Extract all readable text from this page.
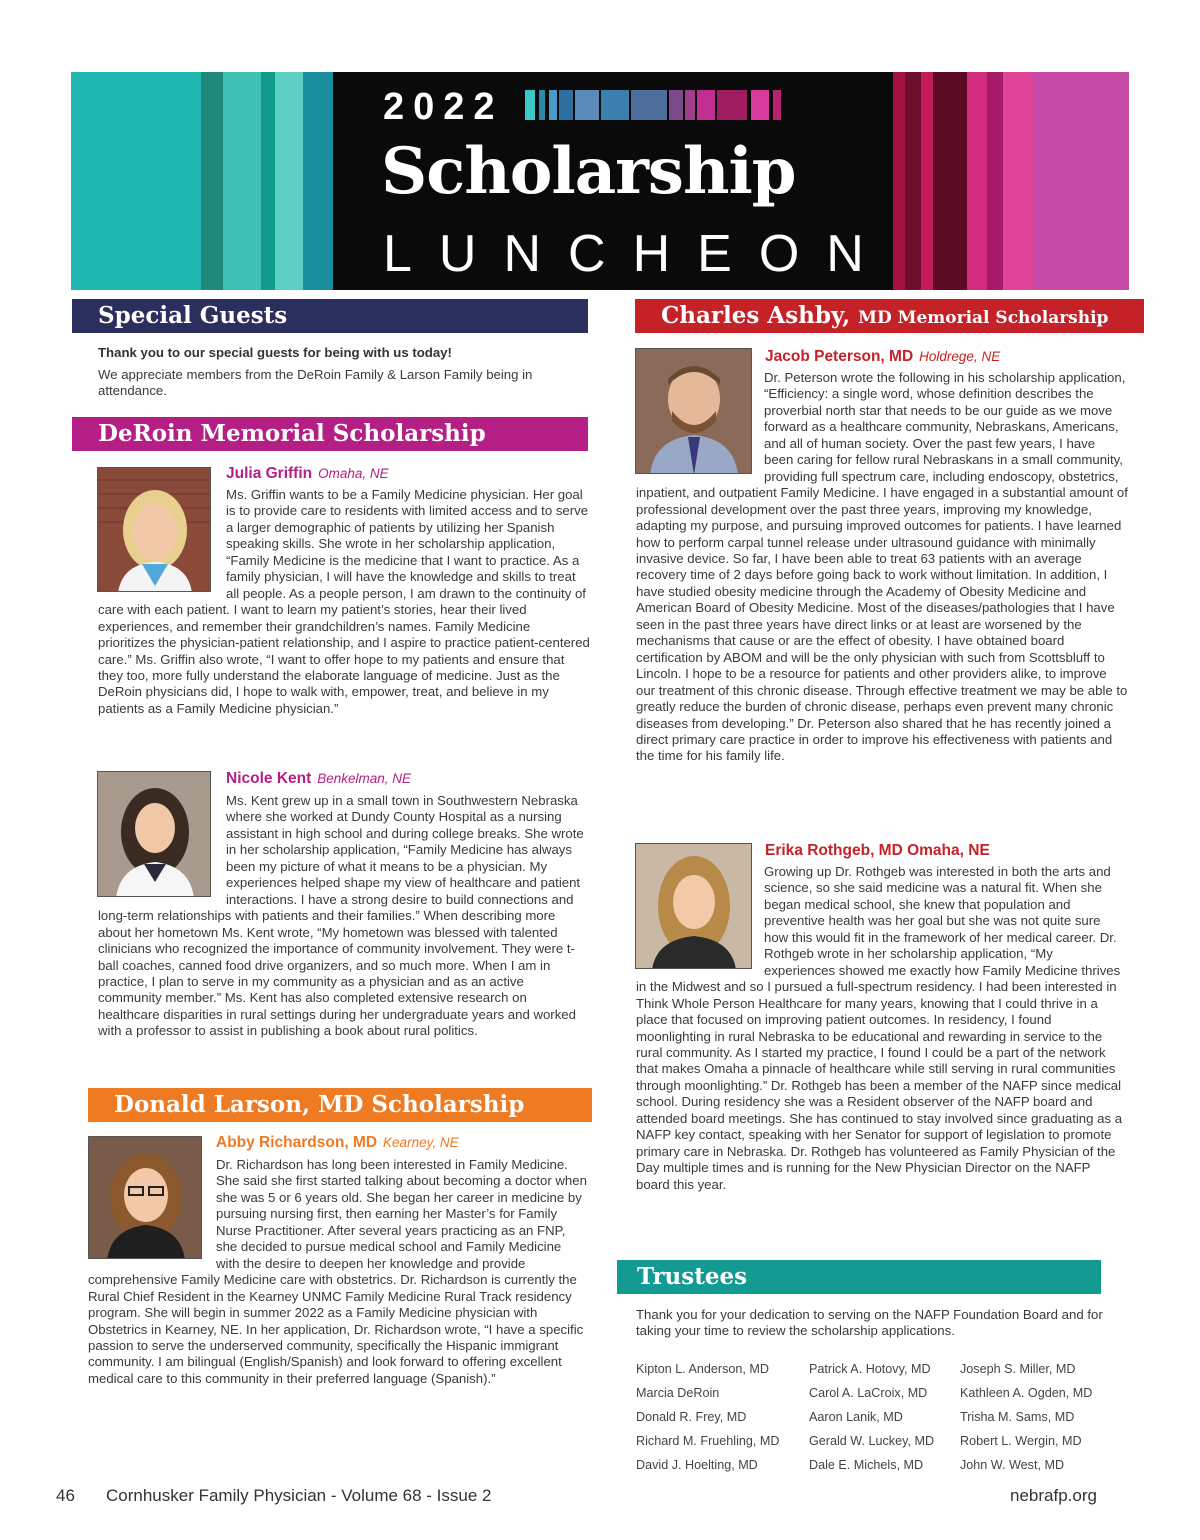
2022
Scholarship
LUNCHEON
Special Guests
Thank you to our special guests for being with us today!
We appreciate members from the DeRoin Family & Larson Family being in attendance.
DeRoin Memorial Scholarship
Julia Griffin Omaha, NE
Ms. Griffin wants to be a Family Medicine physician. Her goal is to provide care to residents with limited access and to serve a larger demographic of patients by utilizing her Spanish speaking skills. She wrote in her scholarship application, “Family Medicine is the medicine that I want to practice. As a family physician, I will have the knowledge and skills to treat all people. As a people person, I am drawn to the continuity of care with each patient. I want to learn my patient’s stories, hear their lived experiences, and remember their grandchildren’s names. Family Medicine prioritizes the physician-patient relationship, and I aspire to practice patient-centered care.” Ms. Griffin also wrote, “I want to offer hope to my patients and ensure that they too, more fully understand the elaborate language of medicine. Just as the DeRoin physicians did, I hope to walk with, empower, treat, and believe in my patients as a Family Medicine physician.”
Nicole Kent Benkelman, NE
Ms. Kent grew up in a small town in Southwestern Nebraska where she worked at Dundy County Hospital as a nursing assistant in high school and during college breaks. She wrote in her scholarship application, “Family Medicine has always been my picture of what it means to be a physician. My experiences helped shape my view of healthcare and patient interactions. I have a strong desire to build connections and long-term relationships with patients and their families.” When describing more about her hometown Ms. Kent wrote, “My hometown was blessed with talented clinicians who recognized the importance of community involvement. They were t-ball coaches, canned food drive organizers, and so much more. When I am in practice, I plan to serve in my community as a physician and as an active community member.” Ms. Kent has also completed extensive research on healthcare disparities in rural settings during her undergraduate years and worked with a professor to assist in publishing a book about rural politics.
Donald Larson, MD Scholarship
Abby Richardson, MD Kearney, NE
Dr. Richardson has long been interested in Family Medicine. She said she first started talking about becoming a doctor when she was 5 or 6 years old. She began her career in medicine by pursuing nursing first, then earning her Master’s for Family Nurse Practitioner. After several years practicing as an FNP, she decided to pursue medical school and Family Medicine with the desire to deepen her knowledge and provide comprehensive Family Medicine care with obstetrics. Dr. Richardson is currently the Rural Chief Resident in the Kearney UNMC Family Medicine Rural Track residency program. She will begin in summer 2022 as a Family Medicine physician with Obstetrics in Kearney, NE. In her application, Dr. Richardson wrote, “I have a specific passion to serve the underserved community, specifically the Hispanic immigrant community. I am bilingual (English/Spanish) and look forward to offering excellent medical care to this community in their preferred language (Spanish).”
Charles Ashby, MD Memorial Scholarship
Jacob Peterson, MD Holdrege, NE
Dr. Peterson wrote the following in his scholarship application, “Efficiency: a single word, whose definition describes the proverbial north star that needs to be our guide as we move forward as a healthcare community, Nebraskans, Americans, and all of human society. Over the past few years, I have been caring for fellow rural Nebraskans in a small community, providing full spectrum care, including endoscopy, obstetrics, inpatient, and outpatient Family Medicine. I have engaged in a substantial amount of professional development over the past three years, improving my knowledge, adapting my purpose, and pursuing improved outcomes for patients. I have learned how to perform carpal tunnel release under ultrasound guidance with minimally invasive device. So far, I have been able to treat 63 patients with an average recovery time of 2 days before going back to work without limitation. In addition, I have studied obesity medicine through the Academy of Obesity Medicine and American Board of Obesity Medicine. Most of the diseases/pathologies that I have seen in the past three years have direct links or at least are worsened by the mechanisms that cause or are the effect of obesity. I have obtained board certification by ABOM and will be the only physician with such from Scottsbluff to Lincoln. I hope to be a resource for patients and other providers alike, to improve our treatment of this chronic disease. Through effective treatment we may be able to greatly reduce the burden of chronic disease, perhaps even prevent many chronic diseases from developing.” Dr. Peterson also shared that he has recently joined a direct primary care practice in order to improve his effectiveness with patients and the time for his family life.
Erika Rothgeb, MD Omaha, NE
Growing up Dr. Rothgeb was interested in both the arts and science, so she said medicine was a natural fit. When she began medical school, she knew that population and preventive health was her goal but she was not quite sure how this would fit in the framework of her medical career. Dr. Rothgeb wrote in her scholarship application, “My experiences showed me exactly how Family Medicine thrives in the Midwest and so I pursued a full-spectrum residency. I had been interested in Think Whole Person Healthcare for many years, knowing that I could thrive in a place that focused on improving patient outcomes. In residency, I found moonlighting in rural Nebraska to be educational and rewarding in service to the rural community. As I started my practice, I found I could be a part of the network that makes Omaha a pinnacle of healthcare while still serving in rural communities through moonlighting.” Dr. Rothgeb has been a member of the NAFP since medical school. During residency she was a Resident observer of the NAFP board and attended board meetings. She has continued to stay involved since graduating as a NAFP key contact, speaking with her Senator for support of legislation to promote primary care in Nebraska. Dr. Rothgeb has volunteered as Family Physician of the Day multiple times and is running for the New Physician Director on the NAFP board this year.
Trustees
Thank you for your dedication to serving on the NAFP Foundation Board and for taking your time to review the scholarship applications.
Kipton L. Anderson, MD
Marcia DeRoin
Donald R. Frey, MD
Richard M. Fruehling, MD
David J. Hoelting, MD
Patrick A. Hotovy, MD
Carol A. LaCroix, MD
Aaron Lanik, MD
Gerald W. Luckey, MD
Dale E. Michels, MD
Joseph S. Miller, MD
Kathleen A. Ogden, MD
Trisha M. Sams, MD
Robert L. Wergin, MD
John W. West, MD
46 Cornhusker Family Physician - Volume 68 - Issue 2	nebrafp.org
